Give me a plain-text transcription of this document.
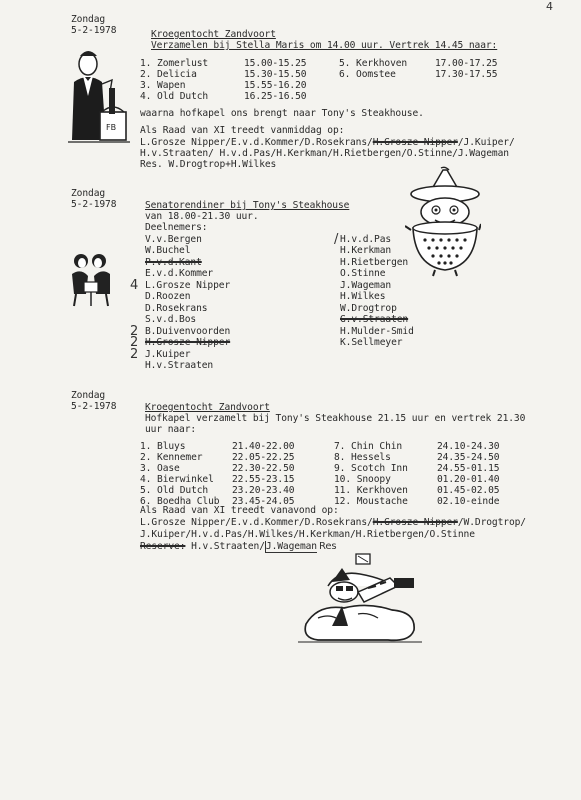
4
Zondag
5-2-1978
FB
Kroegentocht Zandvoort
Verzamelen bij Stella Maris om 14.00 uur. Vertrek 14.45 naar:
1. Zomerlust	15.00-15.25
2. Delicia	15.30-15.50
3. Wapen	15.55-16.20
4. Old Dutch	16.25-16.50
5. Kerkhoven	17.00-17.25
6. Oomstee	17.30-17.55
waarna hofkapel ons brengt naar Tony's Steakhouse.
Als Raad van XI treedt vanmiddag op:
L.Grosze Nipper/E.v.d.Kommer/D.Rosekrans/H.Grosze Nipper/J.Kuiper/
H.v.Straaten/ H.v.d.Pas/H.Kerkman/H.Rietbergen/O.Stinne/J.Wageman
Res. W.Drogtrop+H.Wilkes
Zondag
5-2-1978	Senatorendiner bij Tony's Steakhouse
van 18.00-21.30 uur.
Deelnemers:
4
2
2
2
V.v.Bergen
W.Buchel
P.v.d.Kant
E.v.d.Kommer
L.Grosze Nipper
D.Roozen
D.Rosekrans
S.v.d.Bos
B.Duivenvoorden
H.Grosze Nipper
J.Kuiper
H.v.Straaten
/ H.v.d.Pas
H.Kerkman
H.Rietbergen
O.Stinne
J.Wageman
H.Wilkes
W.Drogtrop
G.v.Straaten
H.Mulder-Smid
K.Sellmeyer
Zondag
5-2-1978	Kroegentocht Zandvoort
Hofkapel verzamelt bij Tony's Steakhouse 21.15 uur en vertrek 21.30
uur naar:
1. Bluys	21.40-22.00
2. Kennemer	22.05-22.25
3. Oase	22.30-22.50
4. Bierwinkel 22.55-23.15
5. Old Dutch 23.20-23.40
6. Boedha Club 23.45-24.05
7. Chin Chin	24.10-24.30
8. Hessels	24.35-24.50
9. Scotch Inn	24.55-01.15
10. Snoopy	01.20-01.40
11. Kerkhoven	01.45-02.05
12. Moustache	02.10-einde
Als Raad van XI treedt vanavond op:
L.Grosze Nipper/E.v.d.Kommer/D.Rosekrans/H.Grosze Nipper/W.Drogtrop/
J.Kuiper/H.v.d.Pas/H.Wilkes/H.Kerkman/H.Rietbergen/O.Stinne
Reserve: H.v.Straaten/J.Wageman Res
